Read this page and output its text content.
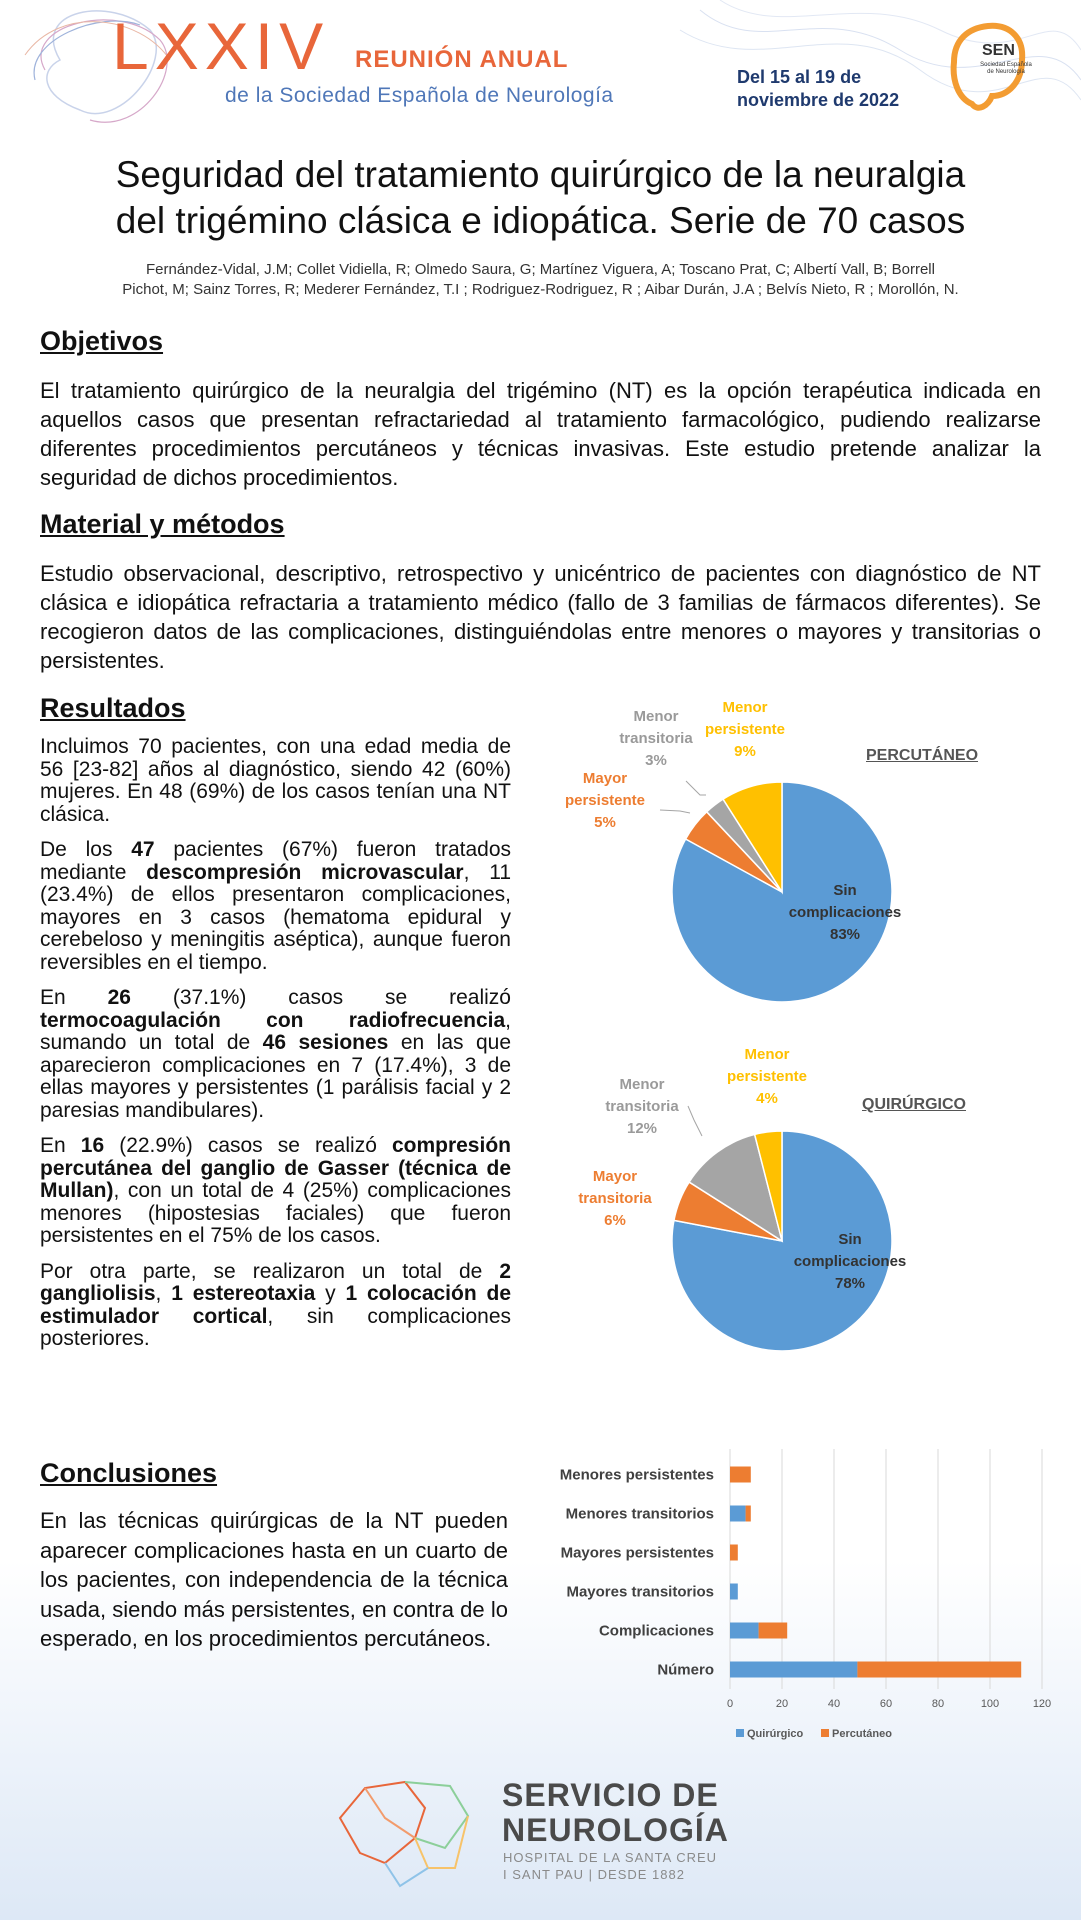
LXXIV REUNIÓN ANUAL
de la Sociedad Española de Neurología
Del 15 al 19 de
noviembre de 2022
SEN
Sociedad Española de Neurología
Seguridad del tratamiento quirúrgico de la neuralgia
del trigémino clásica e idiopática. Serie de 70 casos
Fernández-Vidal, J.M; Collet Vidiella, R; Olmedo Saura, G; Martínez Viguera, A; Toscano Prat, C; Albertí Vall, B; Borrell
Pichot, M; Sainz Torres, R; Mederer Fernández, T.I ; Rodriguez-Rodriguez, R ; Aibar Durán, J.A ; Belvís Nieto, R ; Morollón, N.
Objetivos
El tratamiento quirúrgico de la neuralgia del trigémino (NT) es la opción terapéutica indicada en aquellos casos que presentan refractariedad al tratamiento farmacológico, pudiendo realizarse diferentes procedimientos percutáneos y técnicas invasivas. Este estudio pretende analizar la seguridad de dichos procedimientos.
Material y métodos
Estudio observacional, descriptivo, retrospectivo y unicéntrico de pacientes con diagnóstico de NT clásica e idiopática refractaria a tratamiento médico (fallo de 3 familias de fármacos diferentes). Se recogieron datos de las complicaciones, distinguiéndolas entre menores o mayores y transitorias o persistentes.
Resultados

Incluimos 70 pacientes, con una edad media de 56 [23-82] años al diagnóstico, siendo 42 (60%) mujeres. En 48 (69%) de los casos tenían una NT clásica.

De los 47 pacientes (67%) fueron tratados mediante descompresión microvascular, 11 (23.4%) de ellos presentaron complicaciones, mayores en 3 casos (hematoma epidural y cerebeloso y meningitis aséptica), aunque fueron reversibles en el tiempo.

En 26 (37.1%) casos se realizó termocoagulación con radiofrecuencia, sumando un total de 46 sesiones en las que aparecieron complicaciones en 7 (17.4%), 3 de ellas mayores y persistentes (1 parálisis facial y 2 paresias mandibulares).

En 16 (22.9%) casos se realizó compresión percutánea del ganglio de Gasser (técnica de Mullan), con un total de 4 (25%) complicaciones menores (hipostesias faciales) que fueron persistentes en el 75% de los casos.

Por otra parte, se realizaron un total de 2 gangliolisis, 1 estereotaxia y 1 colocación de estimulador cortical, sin complicaciones posteriores.

PERCUTÁNEO
Menor transitoria
3%
Menor persistente
9%
Mayor persistente
5%
Sin complicaciones
83%
QUIRÚRGICO
Menor transitoria
12%
Menor persistente
4%
Mayor transitoria
6%
Sin complicaciones
78%
Conclusiones
En las técnicas quirúrgicas de la NT pueden aparecer complicaciones hasta en un cuarto de los pacientes, con independencia de la técnica usada, siendo más persistentes, en contra de lo esperado, en los procedimientos percutáneos.
0	20	40	60	80	100	120
Menores persistentes
Menores transitorios
Mayores persistentes
Mayores transitorios
Complicaciones
Número
Quirúrgico	Percutáneo
SERVICIO DE
NEUROLOGÍA
HOSPITAL DE LA SANTA CREU
I SANT PAU | DESDE 1882
